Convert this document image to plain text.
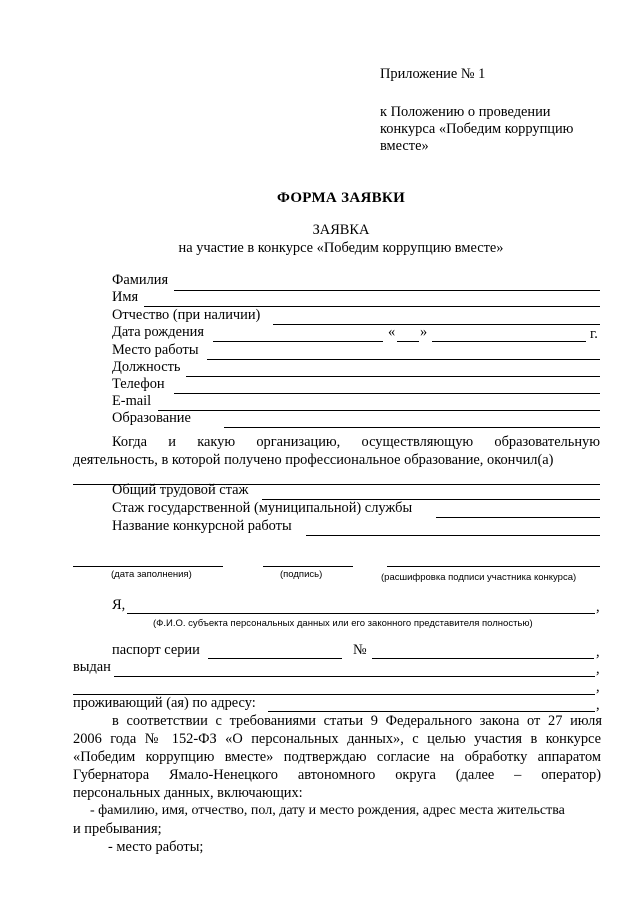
Приложение № 1
к Положению о проведении
конкурса «Победим коррупцию
вместе»
ФОРМА ЗАЯВКИ
ЗАЯВКА
на участие в конкурсе «Победим коррупцию вместе»
Фамилия
Имя
Отчество (при наличии)
Дата рождения	« »	г.
Место работы
Должность
Телефон
E-mail
Образование
Когда и какую организацию, осуществляющую образовательную
деятельность, в которой получено профессиональное образование, окончил(а)
Общий трудовой стаж
Стаж государственной (муниципальной) службы
Название конкурсной работы
(дата заполнения)	(подпись)	(расшифровка подписи участника конкурса)
Я,	,
(Ф.И.О. субъекта персональных данных или его законного представителя полностью)
паспорт серии	№	,
выдан	,
,
проживающий (ая) по адресу:	,
в соответствии с требованиями статьи 9 Федерального закона от 27 июля
2006 года № 152-ФЗ «О персональных данных», с целью участия в конкурсе
«Победим коррупцию вместе» подтверждаю согласие на обработку аппаратом
Губернатора Ямало-Ненецкого автономного округа (далее – оператор)
персональных данных, включающих:
- фамилию, имя, отчество, пол, дату и место рождения, адрес места жительства
и пребывания;
- место работы;
